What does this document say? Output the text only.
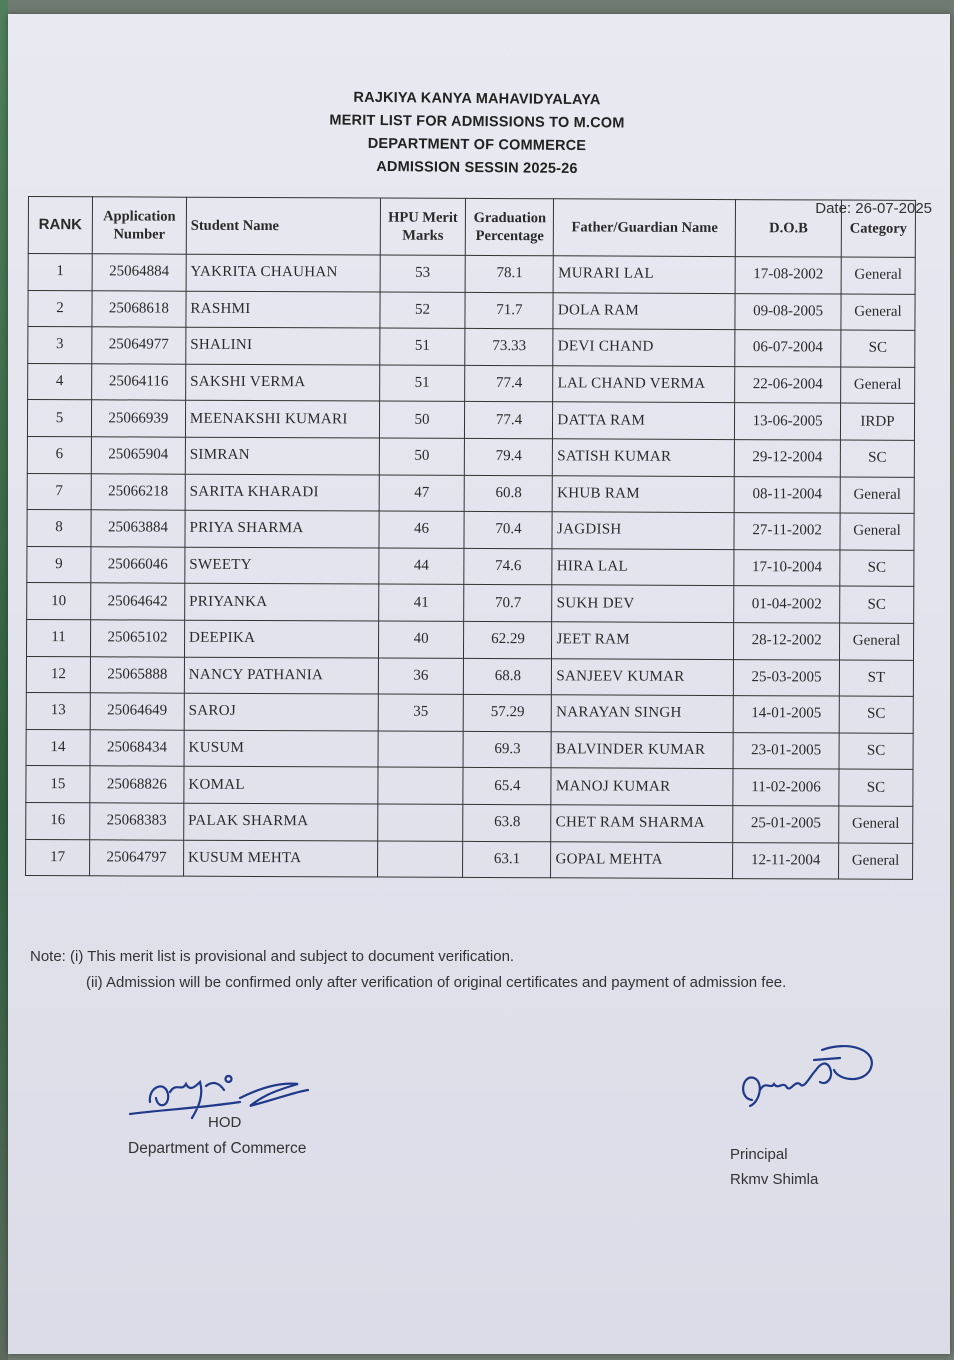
RAJKIYA KANYA MAHAVIDYALAYA
MERIT LIST FOR ADMISSIONS TO M.COM
DEPARTMENT OF COMMERCE
ADMISSION SESSIN 2025-26
Date: 26-07-2025
RANK	Application Number	Student Name	HPU Merit Marks	Graduation Percentage	Father/Guardian Name	D.O.B	Category
1	25064884	YAKRITA CHAUHAN	53	78.1	MURARI LAL	17-08-2002	General
2	25068618	RASHMI	52	71.7	DOLA RAM	09-08-2005	General
3	25064977	SHALINI	51	73.33	DEVI CHAND	06-07-2004	SC
4	25064116	SAKSHI VERMA	51	77.4	LAL CHAND VERMA	22-06-2004	General
5	25066939	MEENAKSHI KUMARI	50	77.4	DATTA RAM	13-06-2005	IRDP
6	25065904	SIMRAN	50	79.4	SATISH KUMAR	29-12-2004	SC
7	25066218	SARITA KHARADI	47	60.8	KHUB RAM	08-11-2004	General
8	25063884	PRIYA SHARMA	46	70.4	JAGDISH	27-11-2002	General
9	25066046	SWEETY	44	74.6	HIRA LAL	17-10-2004	SC
10	25064642	PRIYANKA	41	70.7	SUKH DEV	01-04-2002	SC
11	25065102	DEEPIKA	40	62.29	JEET RAM	28-12-2002	General
12	25065888	NANCY PATHANIA	36	68.8	SANJEEV KUMAR	25-03-2005	ST
13	25064649	SAROJ	35	57.29	NARAYAN SINGH	14-01-2005	SC
14	25068434	KUSUM		69.3	BALVINDER KUMAR	23-01-2005	SC
15	25068826	KOMAL		65.4	MANOJ KUMAR	11-02-2006	SC
16	25068383	PALAK SHARMA		63.8	CHET RAM SHARMA	25-01-2005	General
17	25064797	KUSUM MEHTA		63.1	GOPAL MEHTA	12-11-2004	General
Note: (i) This merit list is provisional and subject to document verification.
(ii) Admission will be confirmed only after verification of original certificates and payment of admission fee.
HOD
Department of Commerce	Principal
Rkmv Shimla
